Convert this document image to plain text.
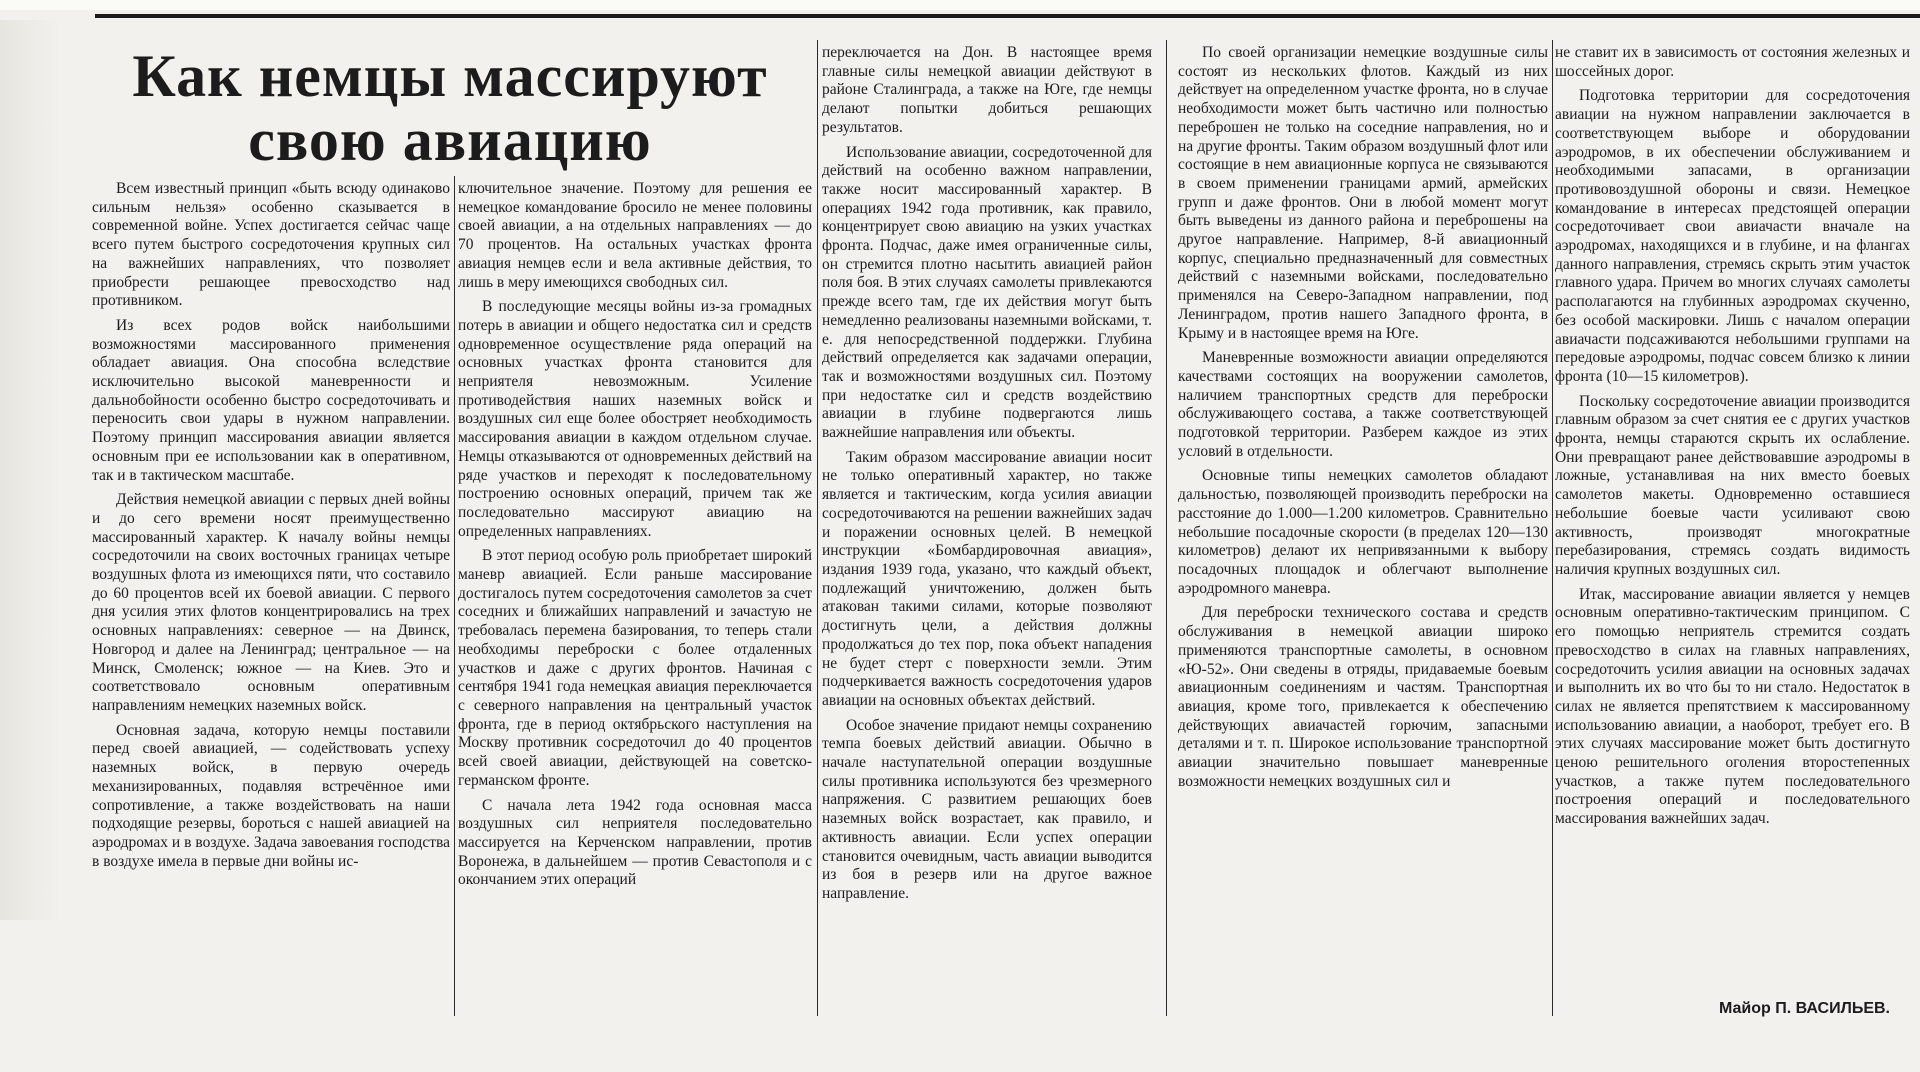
Как немцы массируют
свою авиацию

Всем известный принцип «быть всюду одинаково сильным нельзя» особенно сказывается в современной войне. Успех достигается сейчас чаще всего путем быстрого сосредоточения крупных сил на важнейших направлениях, что позволяет приобрести решающее превосходство над противником.

Из всех родов войск наибольшими возможностями массированного применения обладает авиация. Она способна вследствие исключительно высокой маневренности и дальнобойности особенно быстро сосредоточивать и переносить свои удары в нужном направлении. Поэтому принцип массирования авиации является основным при ее использовании как в оперативном, так и в тактическом масштабе.

Действия немецкой авиации с первых дней войны и до сего времени носят преимущественно массированный характер. К началу войны немцы сосредоточили на своих восточных границах четыре воздушных флота из имеющихся пяти, что составило до 60 процентов всей их боевой авиации. С первого дня усилия этих флотов концентрировались на трех основных направлениях: северное — на Двинск, Новгород и далее на Ленинград; центральное — на Минск, Смоленск; южное — на Киев. Это и соответствовало основным оперативным направлениям немецких наземных войск.

Основная задача, которую немцы поставили перед своей авиацией, — содействовать успеху наземных войск, в первую очередь механизированных, подавляя встречённое ими сопротивление, а также воздействовать на наши подходящие резервы, бороться с нашей авиацией на аэродромах и в воздухе. Задача завоевания господства в воздухе имела в первые дни войны ис-

ключительное значение. Поэтому для решения ее немецкое командование бросило не менее половины своей авиации, а на отдельных направлениях — до 70 процентов. На остальных участках фронта авиация немцев если и вела активные действия, то лишь в меру имеющихся свободных сил.

В последующие месяцы войны из-за громадных потерь в авиации и общего недостатка сил и средств одновременное осуществление ряда операций на основных участках фронта становится для неприятеля невозможным. Усиление противодействия наших наземных войск и воздушных сил еще более обостряет необходимость массирования авиации в каждом отдельном случае. Немцы отказываются от одновременных действий на ряде участков и переходят к последовательному построению основных операций, причем так же последовательно массируют авиацию на определенных направлениях.

В этот период особую роль приобретает широкий маневр авиацией. Если раньше массирование достигалось путем сосредоточения самолетов за счет соседних и ближайших направлений и зачастую не требовалась перемена базирования, то теперь стали необходимы переброски с более отдаленных участков и даже с других фронтов. Начиная с сентября 1941 года немецкая авиация переключается с северного направления на центральный участок фронта, где в период октябрьского наступления на Москву противник сосредоточил до 40 процентов всей своей авиации, действующей на советско-германском фронте.

С начала лета 1942 года основная масса воздушных сил неприятеля последовательно массируется на Керченском направлении, против Воронежа, в дальнейшем — против Севастополя и с окончанием этих операций

переключается на Дон. В настоящее время главные силы немецкой авиации действуют в районе Сталинграда, а также на Юге, где немцы делают попытки добиться решающих результатов.

Использование авиации, сосредоточенной для действий на особенно важном направлении, также носит массированный характер. В операциях 1942 года противник, как правило, концентрирует свою авиацию на узких участках фронта. Подчас, даже имея ограниченные силы, он стремится плотно насытить авиацией район поля боя. В этих случаях самолеты привлекаются прежде всего там, где их действия могут быть немедленно реализованы наземными войсками, т. е. для непосредственной поддержки. Глубина действий определяется как задачами операции, так и возможностями воздушных сил. Поэтому при недостатке сил и средств воздействию авиации в глубине подвергаются лишь важнейшие направления или объекты.

Таким образом массирование авиации носит не только оперативный характер, но также является и тактическим, когда усилия авиации сосредоточиваются на решении важнейших задач и поражении основных целей. В немецкой инструкции «Бомбардировочная авиация», издания 1939 года, указано, что каждый объект, подлежащий уничтожению, должен быть атакован такими силами, которые позволяют достигнуть цели, а действия должны продолжаться до тех пор, пока объект нападения не будет стерт с поверхности земли. Этим подчеркивается важность сосредоточения ударов авиации на основных объектах действий.

Особое значение придают немцы сохранению темпа боевых действий авиации. Обычно в начале наступательной операции воздушные силы противника используются без чрезмерного напряжения. С развитием решающих боев наземных войск возрастает, как правило, и активность авиации. Если успех операции становится очевидным, часть авиации выводится из боя в резерв или на другое важное направление.

По своей организации немецкие воздушные силы состоят из нескольких флотов. Каждый из них действует на определенном участке фронта, но в случае необходимости может быть частично или полностью переброшен не только на соседние направления, но и на другие фронты. Таким образом воздушный флот или состоящие в нем авиационные корпуса не связываются в своем применении границами армий, армейских групп и даже фронтов. Они в любой момент могут быть выведены из данного района и переброшены на другое направление. Например, 8-й авиационный корпус, специально предназначенный для совместных действий с наземными войсками, последовательно применялся на Северо-Западном направлении, под Ленинградом, против нашего Западного фронта, в Крыму и в настоящее время на Юге.

Маневренные возможности авиации определяются качествами состоящих на вооружении самолетов, наличием транспортных средств для переброски обслуживающего состава, а также соответствующей подготовкой территории. Разберем каждое из этих условий в отдельности.

Основные типы немецких самолетов обладают дальностью, позволяющей производить переброски на расстояние до 1.000—1.200 километров. Сравнительно небольшие посадочные скорости (в пределах 120—130 километров) делают их непривязанными к выбору посадочных площадок и облегчают выполнение аэродромного маневра.

Для переброски технического состава и средств обслуживания в немецкой авиации широко применяются транспортные самолеты, в основном «Ю-52». Они сведены в отряды, придаваемые боевым авиационным соединениям и частям. Транспортная авиация, кроме того, привлекается к обеспечению действующих авиачастей горючим, запасными деталями и т. п. Широкое использование транспортной авиации значительно повышает маневренные возможности немецких воздушных сил и

не ставит их в зависимость от состояния железных и шоссейных дорог.

Подготовка территории для сосредоточения авиации на нужном направлении заключается в соответствующем выборе и оборудовании аэродромов, в их обеспечении обслуживанием и необходимыми запасами, в организации противовоздушной обороны и связи. Немецкое командование в интересах предстоящей операции сосредоточивает свои авиачасти вначале на аэродромах, находящихся и в глубине, и на флангах данного направления, стремясь скрыть этим участок главного удара. Причем во многих случаях самолеты располагаются на глубинных аэродромах скученно, без особой маскировки. Лишь с началом операции авиачасти подсаживаются небольшими группами на передовые аэродромы, подчас совсем близко к линии фронта (10—15 километров).

Поскольку сосредоточение авиации производится главным образом за счет снятия ее с других участков фронта, немцы стараются скрыть их ослабление. Они превращают ранее действовавшие аэродромы в ложные, устанавливая на них вместо боевых самолетов макеты. Одновременно оставшиеся небольшие боевые части усиливают свою активность, производят многократные перебазирования, стремясь создать видимость наличия крупных воздушных сил.

Итак, массирование авиации является у немцев основным оперативно-тактическим принципом. С его помощью неприятель стремится создать превосходство в силах на главных направлениях, сосредоточить усилия авиации на основных задачах и выполнить их во что бы то ни стало. Недостаток в силах не является препятствием к массированному использованию авиации, а наоборот, требует его. В этих случаях массирование может быть достигнуто ценою решительного оголения второстепенных участков, а также путем последовательного построения операций и последовательного массирования важнейших задач.

Майор П. ВАСИЛЬЕВ.
